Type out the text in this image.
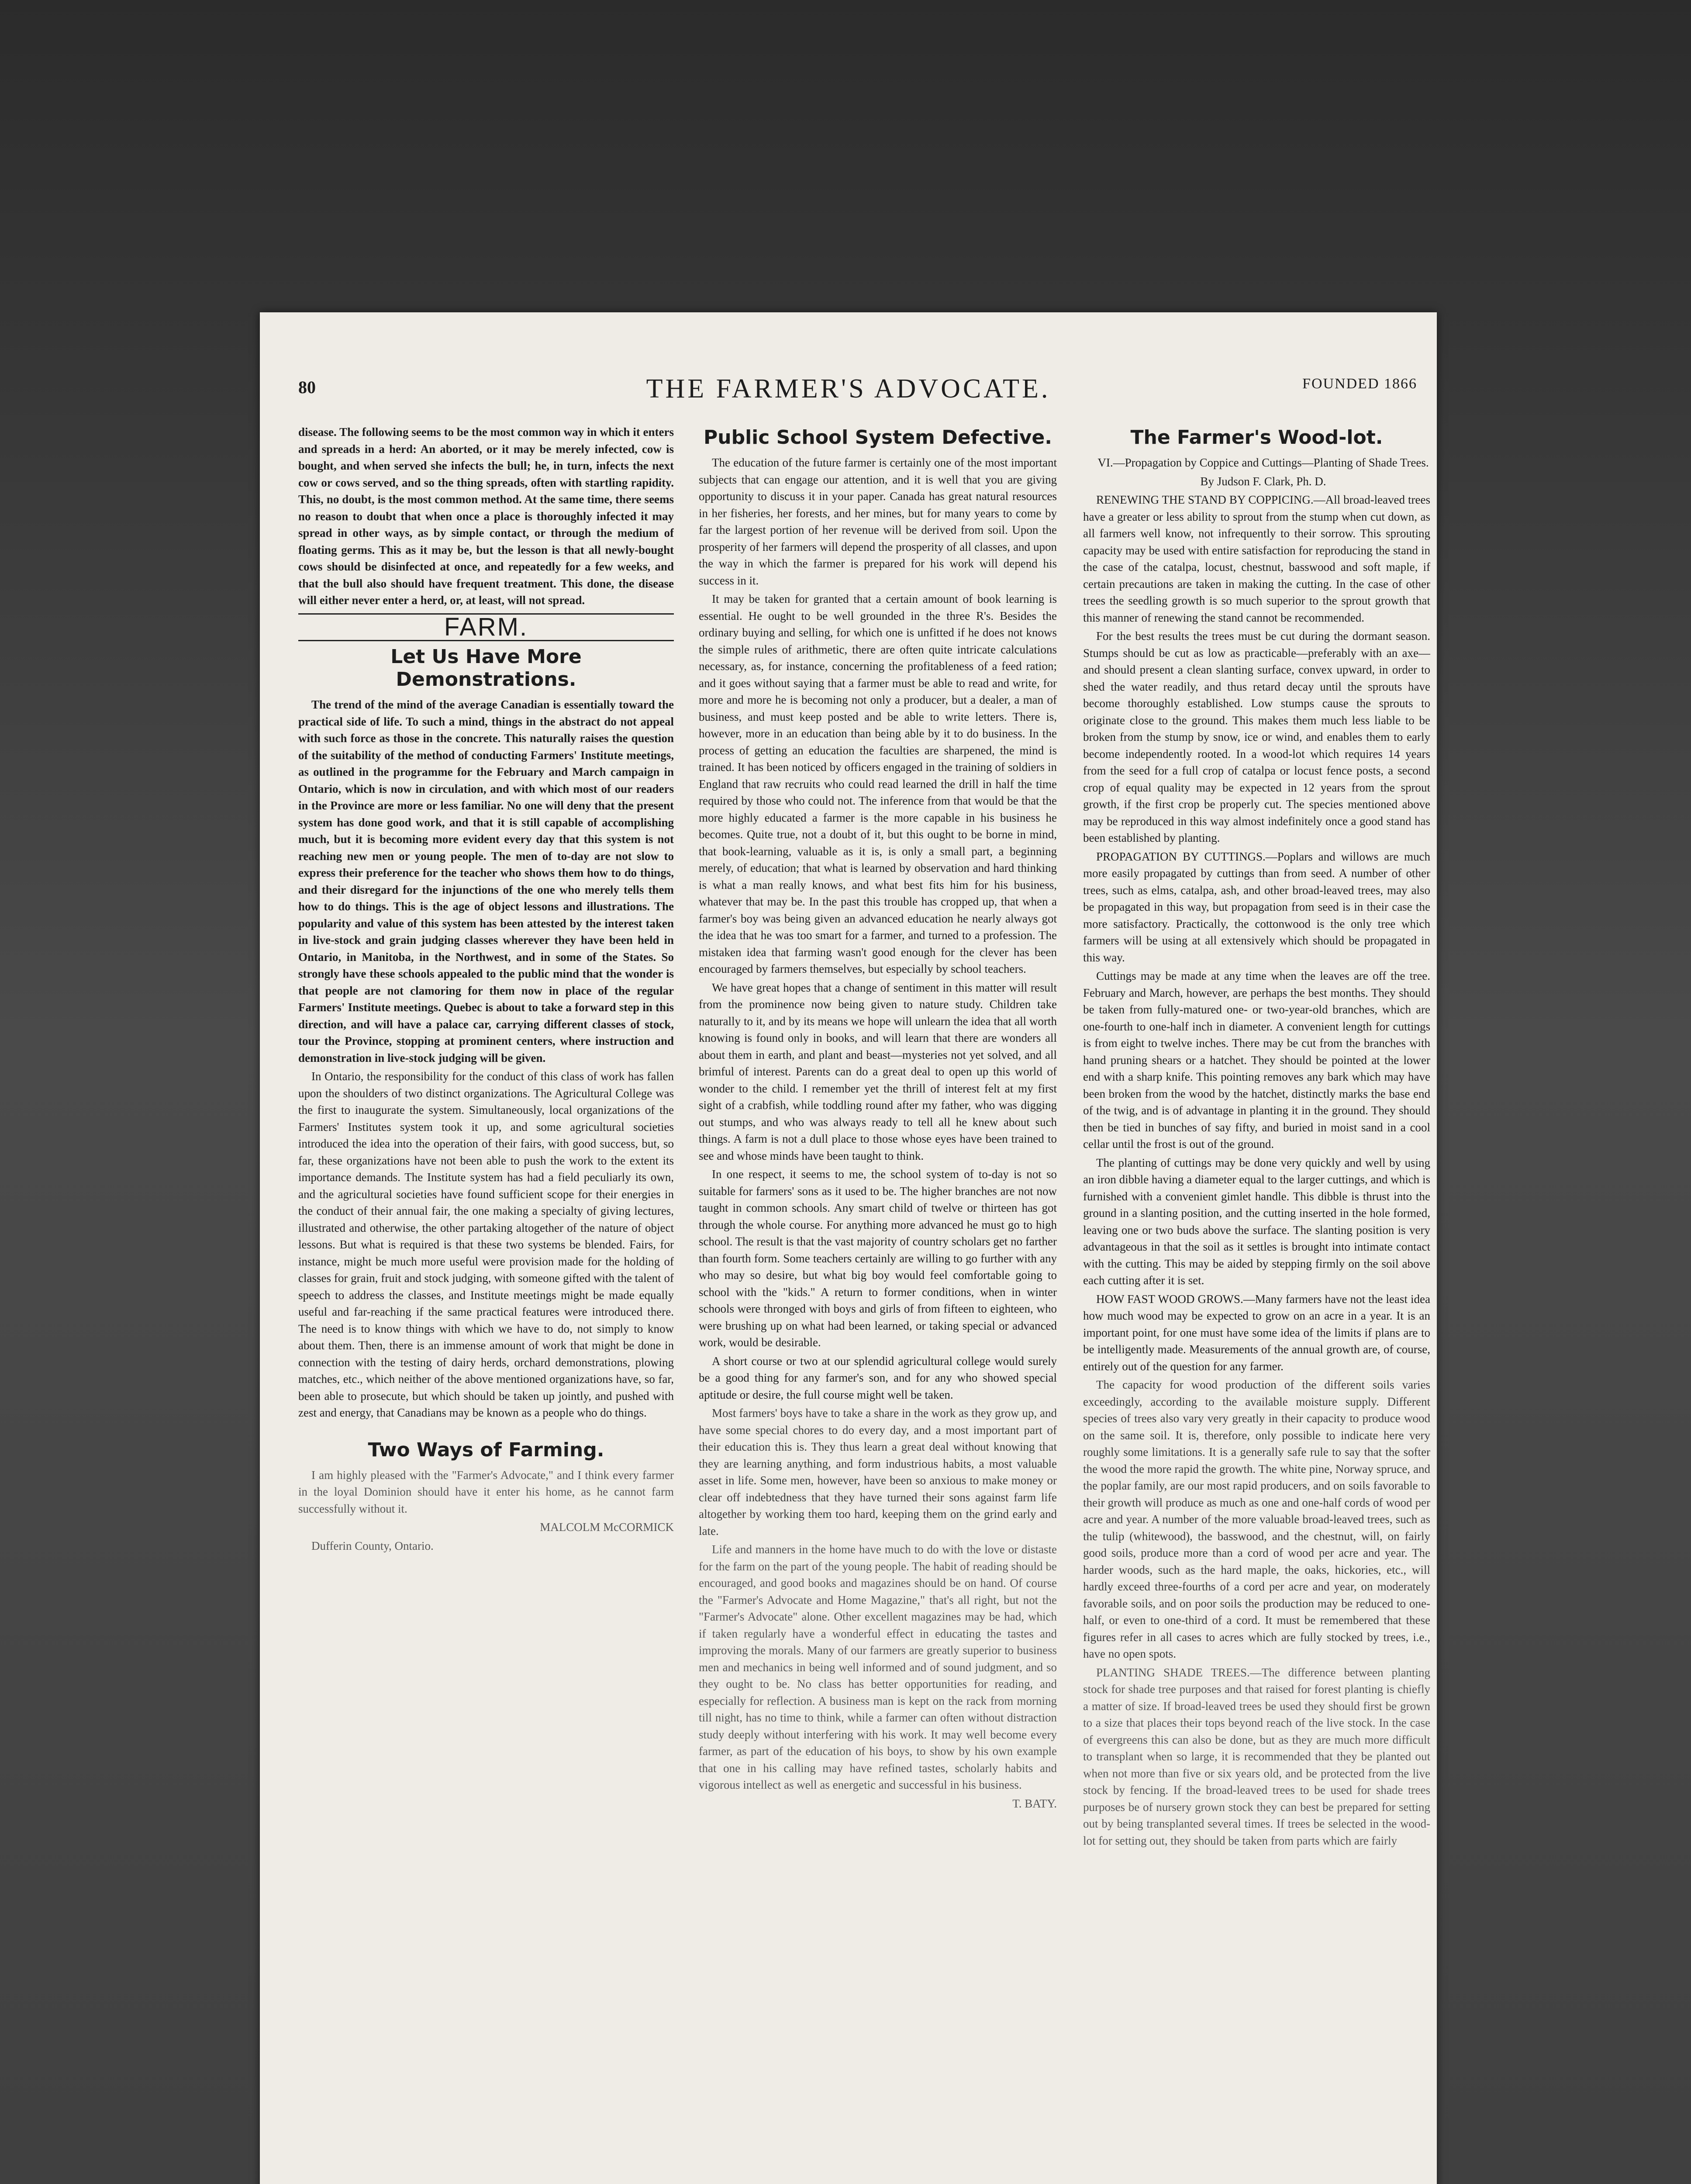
80	THE FARMER'S ADVOCATE.	FOUNDED 1866

disease. The following seems to be the most common way in which it enters and spreads in a herd: An aborted, or it may be merely infected, cow is bought, and when served she infects the bull; he, in turn, infects the next cow or cows served, and so the thing spreads, often with startling rapidity. This, no doubt, is the most common method. At the same time, there seems no reason to doubt that when once a place is thoroughly infected it may spread in other ways, as by simple contact, or through the medium of floating germs. This as it may be, but the lesson is that all newly-bought cows should be disinfected at once, and repeatedly for a few weeks, and that the bull also should have frequent treatment. This done, the disease will either never enter a herd, or, at least, will not spread.

FARM.
Let Us Have More Demonstrations.

The trend of the mind of the average Canadian is essentially toward the practical side of life. To such a mind, things in the abstract do not appeal with such force as those in the concrete. This naturally raises the question of the suitability of the method of conducting Farmers' Institute meetings, as outlined in the programme for the February and March campaign in Ontario, which is now in circulation, and with which most of our readers in the Province are more or less familiar. No one will deny that the present system has done good work, and that it is still capable of accomplishing much, but it is becoming more evident every day that this system is not reaching new men or young people. The men of to-day are not slow to express their preference for the teacher who shows them how to do things, and their disregard for the injunctions of the one who merely tells them how to do things. This is the age of object lessons and illustrations. The popularity and value of this system has been attested by the interest taken in live-stock and grain judging classes wherever they have been held in Ontario, in Manitoba, in the Northwest, and in some of the States. So strongly have these schools appealed to the public mind that the wonder is that people are not clamoring for them now in place of the regular Farmers' Institute meetings. Quebec is about to take a forward step in this direction, and will have a palace car, carrying different classes of stock, tour the Province, stopping at prominent centers, where instruction and demonstration in live-stock judging will be given.

In Ontario, the responsibility for the conduct of this class of work has fallen upon the shoulders of two distinct organizations. The Agricultural College was the first to inaugurate the system. Simultaneously, local organizations of the Farmers' Institutes system took it up, and some agricultural societies introduced the idea into the operation of their fairs, with good success, but, so far, these organizations have not been able to push the work to the extent its importance demands. The Institute system has had a field peculiarly its own, and the agricultural societies have found sufficient scope for their energies in the conduct of their annual fair, the one making a specialty of giving lectures, illustrated and otherwise, the other partaking altogether of the nature of object lessons. But what is required is that these two systems be blended. Fairs, for instance, might be much more useful were provision made for the holding of classes for grain, fruit and stock judging, with someone gifted with the talent of speech to address the classes, and Institute meetings might be made equally useful and far-reaching if the same practical features were introduced there. The need is to know things with which we have to do, not simply to know about them. Then, there is an immense amount of work that might be done in connection with the testing of dairy herds, orchard demonstrations, plowing matches, etc., which neither of the above mentioned organizations have, so far, been able to prosecute, but which should be taken up jointly, and pushed with zest and energy, that Canadians may be known as a people who do things.

Two Ways of Farming.

I am highly pleased with the "Farmer's Advocate," and I think every farmer in the loyal Dominion should have it enter his home, as he cannot farm successfully without it.

MALCOLM McCORMICK

Dufferin County, Ontario.

Public School System Defective.

The education of the future farmer is certainly one of the most important subjects that can engage our attention, and it is well that you are giving opportunity to discuss it in your paper. Canada has great natural resources in her fisheries, her forests, and her mines, but for many years to come by far the largest portion of her revenue will be derived from soil. Upon the prosperity of her farmers will depend the prosperity of all classes, and upon the way in which the farmer is prepared for his work will depend his success in it.

It may be taken for granted that a certain amount of book learning is essential. He ought to be well grounded in the three R's. Besides the ordinary buying and selling, for which one is unfitted if he does not knows the simple rules of arithmetic, there are often quite intricate calculations necessary, as, for instance, concerning the profitableness of a feed ration; and it goes without saying that a farmer must be able to read and write, for more and more he is becoming not only a producer, but a dealer, a man of business, and must keep posted and be able to write letters. There is, however, more in an education than being able by it to do business. In the process of getting an education the faculties are sharpened, the mind is trained. It has been noticed by officers engaged in the training of soldiers in England that raw recruits who could read learned the drill in half the time required by those who could not. The inference from that would be that the more highly educated a farmer is the more capable in his business he becomes. Quite true, not a doubt of it, but this ought to be borne in mind, that book-learning, valuable as it is, is only a small part, a beginning merely, of education; that what is learned by observation and hard thinking is what a man really knows, and what best fits him for his business, whatever that may be. In the past this trouble has cropped up, that when a farmer's boy was being given an advanced education he nearly always got the idea that he was too smart for a farmer, and turned to a profession. The mistaken idea that farming wasn't good enough for the clever has been encouraged by farmers themselves, but especially by school teachers.

We have great hopes that a change of sentiment in this matter will result from the prominence now being given to nature study. Children take naturally to it, and by its means we hope will unlearn the idea that all worth knowing is found only in books, and will learn that there are wonders all about them in earth, and plant and beast—mysteries not yet solved, and all brimful of interest. Parents can do a great deal to open up this world of wonder to the child. I remember yet the thrill of interest felt at my first sight of a crabfish, while toddling round after my father, who was digging out stumps, and who was always ready to tell all he knew about such things. A farm is not a dull place to those whose eyes have been trained to see and whose minds have been taught to think.

In one respect, it seems to me, the school system of to-day is not so suitable for farmers' sons as it used to be. The higher branches are not now taught in common schools. Any smart child of twelve or thirteen has got through the whole course. For anything more advanced he must go to high school. The result is that the vast majority of country scholars get no farther than fourth form. Some teachers certainly are willing to go further with any who may so desire, but what big boy would feel comfortable going to school with the "kids." A return to former conditions, when in winter schools were thronged with boys and girls of from fifteen to eighteen, who were brushing up on what had been learned, or taking special or advanced work, would be desirable.

A short course or two at our splendid agricultural college would surely be a good thing for any farmer's son, and for any who showed special aptitude or desire, the full course might well be taken.

Most farmers' boys have to take a share in the work as they grow up, and have some special chores to do every day, and a most important part of their education this is. They thus learn a great deal without knowing that they are learning anything, and form industrious habits, a most valuable asset in life. Some men, however, have been so anxious to make money or clear off indebtedness that they have turned their sons against farm life altogether by working them too hard, keeping them on the grind early and late.

Life and manners in the home have much to do with the love or distaste for the farm on the part of the young people. The habit of reading should be encouraged, and good books and magazines should be on hand. Of course the "Farmer's Advocate and Home Magazine," that's all right, but not the "Farmer's Advocate" alone. Other excellent magazines may be had, which if taken regularly have a wonderful effect in educating the tastes and improving the morals. Many of our farmers are greatly superior to business men and mechanics in being well informed and of sound judgment, and so they ought to be. No class has better opportunities for reading, and especially for reflection. A business man is kept on the rack from morning till night, has no time to think, while a farmer can often without distraction study deeply without interfering with his work. It may well become every farmer, as part of the education of his boys, to show by his own example that one in his calling may have refined tastes, scholarly habits and vigorous intellect as well as energetic and successful in his business.

T. BATY.

The Farmer's Wood-lot.

VI.—Propagation by Coppice and Cuttings—Planting of Shade Trees.

By Judson F. Clark, Ph. D.

RENEWING THE STAND BY COPPICING.—All broad-leaved trees have a greater or less ability to sprout from the stump when cut down, as all farmers well know, not infrequently to their sorrow. This sprouting capacity may be used with entire satisfaction for reproducing the stand in the case of the catalpa, locust, chestnut, basswood and soft maple, if certain precautions are taken in making the cutting. In the case of other trees the seedling growth is so much superior to the sprout growth that this manner of renewing the stand cannot be recommended.

For the best results the trees must be cut during the dormant season. Stumps should be cut as low as practicable—preferably with an axe—and should present a clean slanting surface, convex upward, in order to shed the water readily, and thus retard decay until the sprouts have become thoroughly established. Low stumps cause the sprouts to originate close to the ground. This makes them much less liable to be broken from the stump by snow, ice or wind, and enables them to early become independently rooted. In a wood-lot which requires 14 years from the seed for a full crop of catalpa or locust fence posts, a second crop of equal quality may be expected in 12 years from the sprout growth, if the first crop be properly cut. The species mentioned above may be reproduced in this way almost indefinitely once a good stand has been established by planting.

PROPAGATION BY CUTTINGS.—Poplars and willows are much more easily propagated by cuttings than from seed. A number of other trees, such as elms, catalpa, ash, and other broad-leaved trees, may also be propagated in this way, but propagation from seed is in their case the more satisfactory. Practically, the cottonwood is the only tree which farmers will be using at all extensively which should be propagated in this way.

Cuttings may be made at any time when the leaves are off the tree. February and March, however, are perhaps the best months. They should be taken from fully-matured one- or two-year-old branches, which are one-fourth to one-half inch in diameter. A convenient length for cuttings is from eight to twelve inches. There may be cut from the branches with hand pruning shears or a hatchet. They should be pointed at the lower end with a sharp knife. This pointing removes any bark which may have been broken from the wood by the hatchet, distinctly marks the base end of the twig, and is of advantage in planting it in the ground. They should then be tied in bunches of say fifty, and buried in moist sand in a cool cellar until the frost is out of the ground.

The planting of cuttings may be done very quickly and well by using an iron dibble having a diameter equal to the larger cuttings, and which is furnished with a convenient gimlet handle. This dibble is thrust into the ground in a slanting position, and the cutting inserted in the hole formed, leaving one or two buds above the surface. The slanting position is very advantageous in that the soil as it settles is brought into intimate contact with the cutting. This may be aided by stepping firmly on the soil above each cutting after it is set.

HOW FAST WOOD GROWS.—Many farmers have not the least idea how much wood may be expected to grow on an acre in a year. It is an important point, for one must have some idea of the limits if plans are to be intelligently made. Measurements of the annual growth are, of course, entirely out of the question for any farmer.

The capacity for wood production of the different soils varies exceedingly, according to the available moisture supply. Different species of trees also vary very greatly in their capacity to produce wood on the same soil. It is, therefore, only possible to indicate here very roughly some limitations. It is a generally safe rule to say that the softer the wood the more rapid the growth. The white pine, Norway spruce, and the poplar family, are our most rapid producers, and on soils favorable to their growth will produce as much as one and one-half cords of wood per acre and year. A number of the more valuable broad-leaved trees, such as the tulip (whitewood), the basswood, and the chestnut, will, on fairly good soils, produce more than a cord of wood per acre and year. The harder woods, such as the hard maple, the oaks, hickories, etc., will hardly exceed three-fourths of a cord per acre and year, on moderately favorable soils, and on poor soils the production may be reduced to one-half, or even to one-third of a cord. It must be remembered that these figures refer in all cases to acres which are fully stocked by trees, i.e., have no open spots.

PLANTING SHADE TREES.—The difference between planting stock for shade tree purposes and that raised for forest planting is chiefly a matter of size. If broad-leaved trees be used they should first be grown to a size that places their tops beyond reach of the live stock. In the case of evergreens this can also be done, but as they are much more difficult to transplant when so large, it is recommended that they be planted out when not more than five or six years old, and be protected from the live stock by fencing. If the broad-leaved trees to be used for shade trees purposes be of nursery grown stock they can best be prepared for setting out by being transplanted several times. If trees be selected in the wood-lot for setting out, they should be taken from parts which are fairly
